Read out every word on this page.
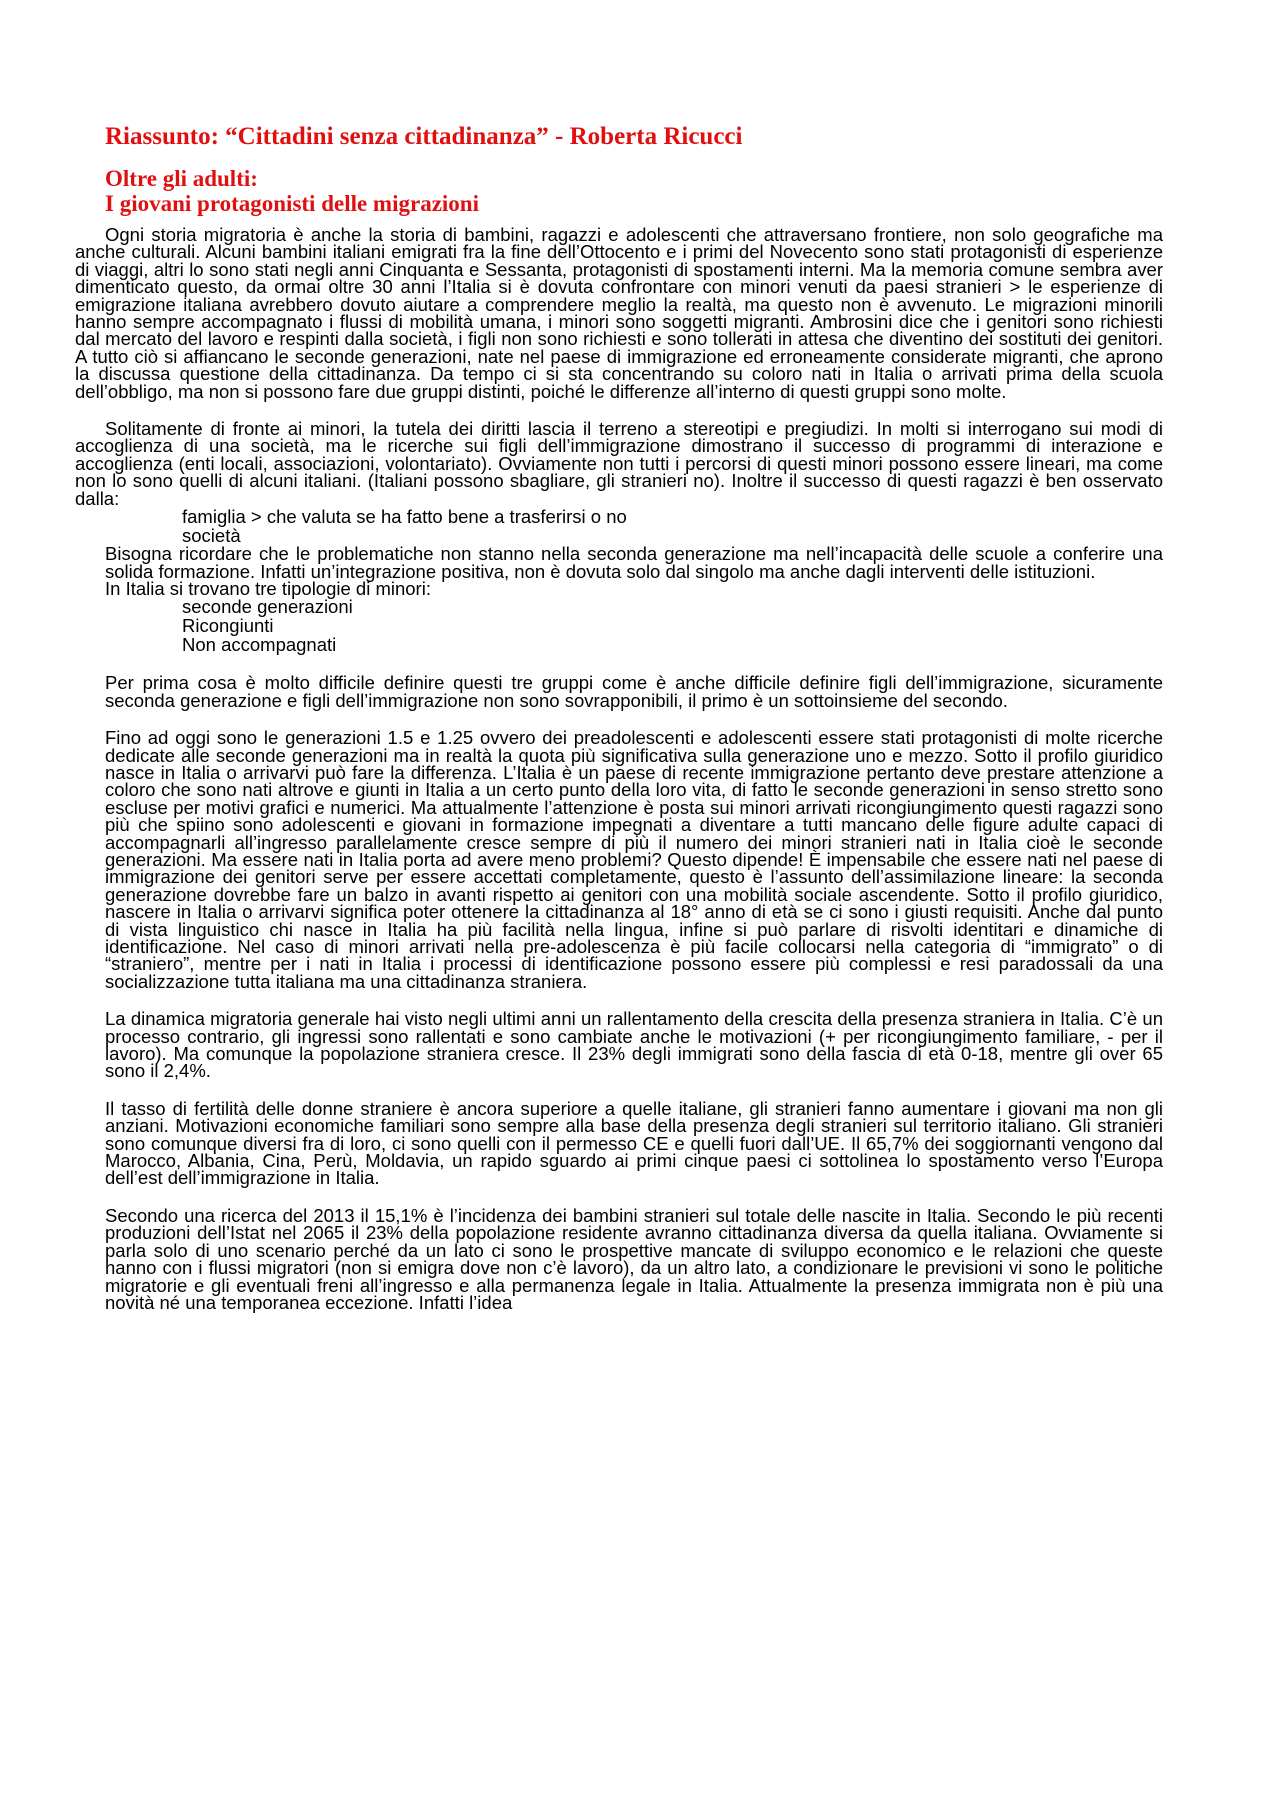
Riassunto: “Cittadini senza cittadinanza” - Roberta Ricucci
Oltre gli adulti:
I giovani protagonisti delle migrazioni

Ogni storia migratoria è anche la storia di bambini, ragazzi e adolescenti che attraversano frontiere, non solo geografiche ma anche culturali. Alcuni bambini italiani emigrati fra la fine dell’Ottocento e i primi del Novecento sono stati protagonisti di esperienze di viaggi, altri lo sono stati negli anni Cinquanta e Sessanta, protagonisti di spostamenti interni. Ma la memoria comune sembra aver dimenticato questo, da ormai oltre 30 anni l’Italia si è dovuta confrontare con minori venuti da paesi stranieri > le esperienze di emigrazione italiana avrebbero dovuto aiutare a comprendere meglio la realtà, ma questo non è avvenuto. Le migrazioni minorili hanno sempre accompagnato i flussi di mobilità umana, i minori sono soggetti migranti. Ambrosini dice che i genitori sono richiesti dal mercato del lavoro e respinti dalla società, i figli non sono richiesti e sono tollerati in attesa che diventino dei sostituti dei genitori. A tutto ciò si affiancano le seconde generazioni, nate nel paese di immigrazione ed erroneamente considerate migranti, che aprono la discussa questione della cittadinanza. Da tempo ci si sta concentrando su coloro nati in Italia o arrivati prima della scuola dell’obbligo, ma non si possono fare due gruppi distinti, poiché le differenze all’interno di questi gruppi sono molte.

Solitamente di fronte ai minori, la tutela dei diritti lascia il terreno a stereotipi e pregiudizi. In molti si interrogano sui modi di accoglienza di una società, ma le ricerche sui figli dell’immigrazione dimostrano il successo di programmi di interazione e accoglienza (enti locali, associazioni, volontariato). Ovviamente non tutti i percorsi di questi minori possono essere lineari, ma come non lo sono quelli di alcuni italiani. (Italiani possono sbagliare, gli stranieri no). Inoltre il successo di questi ragazzi è ben osservato dalla:

famiglia > che valuta se ha fatto bene a trasferirsi o no
società

Bisogna ricordare che le problematiche non stanno nella seconda generazione ma nell’incapacità delle scuole a conferire una solida formazione. Infatti un’integrazione positiva, non è dovuta solo dal singolo ma anche dagli interventi delle istituzioni.

In Italia si trovano tre tipologie di minori:

seconde generazioni
Ricongiunti
Non accompagnati

Per prima cosa è molto difficile definire questi tre gruppi come è anche difficile definire figli dell’immigrazione, sicuramente seconda generazione e figli dell’immigrazione non sono sovrapponibili, il primo è un sottoinsieme del secondo.

Fino ad oggi sono le generazioni 1.5 e 1.25 ovvero dei preadolescenti e adolescenti essere stati protagonisti di molte ricerche dedicate alle seconde generazioni ma in realtà la quota più significativa sulla generazione uno e mezzo. Sotto il profilo giuridico nasce in Italia o arrivarvi può fare la differenza. L’Italia è un paese di recente immigrazione pertanto deve prestare attenzione a coloro che sono nati altrove e giunti in Italia a un certo punto della loro vita, di fatto le seconde generazioni in senso stretto sono escluse per motivi grafici e numerici. Ma attualmente l’attenzione è posta sui minori arrivati ricongiungimento questi ragazzi sono più che spiino sono adolescenti e giovani in formazione impegnati a diventare a tutti mancano delle figure adulte capaci di accompagnarli all’ingresso parallelamente cresce sempre di più il numero dei minori stranieri nati in Italia cioè le seconde generazioni. Ma essere nati in Italia porta ad avere meno problemi? Questo dipende! È impensabile che essere nati nel paese di immigrazione dei genitori serve per essere accettati completamente, questo è l’assunto dell’assimilazione lineare: la seconda generazione dovrebbe fare un balzo in avanti rispetto ai genitori con una mobilità sociale ascendente. Sotto il profilo giuridico, nascere in Italia o arrivarvi significa poter ottenere la cittadinanza al 18° anno di età se ci sono i giusti requisiti. Anche dal punto di vista linguistico chi nasce in Italia ha più facilità nella lingua, infine si può parlare di risvolti identitari e dinamiche di identificazione. Nel caso di minori arrivati nella pre-adolescenza è più facile collocarsi nella categoria di “immigrato” o di “straniero”, mentre per i nati in Italia i processi di identificazione possono essere più complessi e resi paradossali da una socializzazione tutta italiana ma una cittadinanza straniera.

La dinamica migratoria generale hai visto negli ultimi anni un rallentamento della crescita della presenza straniera in Italia. C’è un processo contrario, gli ingressi sono rallentati e sono cambiate anche le motivazioni (+ per ricongiungimento familiare, - per il lavoro). Ma comunque la popolazione straniera cresce. Il 23% degli immigrati sono della fascia di età 0-18, mentre gli over 65 sono il 2,4%.

Il tasso di fertilità delle donne straniere è ancora superiore a quelle italiane, gli stranieri fanno aumentare i giovani ma non gli anziani. Motivazioni economiche familiari sono sempre alla base della presenza degli stranieri sul territorio italiano. Gli stranieri sono comunque diversi fra di loro, ci sono quelli con il permesso CE e quelli fuori dall’UE. Il 65,7% dei soggiornanti vengono dal Marocco, Albania, Cina, Perù, Moldavia, un rapido sguardo ai primi cinque paesi ci sottolinea lo spostamento verso l’Europa dell’est dell’immigrazione in Italia.

Secondo una ricerca del 2013 il 15,1% è l’incidenza dei bambini stranieri sul totale delle nascite in Italia. Secondo le più recenti produzioni dell’Istat nel 2065 il 23% della popolazione residente avranno cittadinanza diversa da quella italiana. Ovviamente si parla solo di uno scenario perché da un lato ci sono le prospettive mancate di sviluppo economico e le relazioni che queste hanno con i flussi migratori (non si emigra dove non c’è lavoro), da un altro lato, a condizionare le previsioni vi sono le politiche migratorie e gli eventuali freni all’ingresso e alla permanenza legale in Italia. Attualmente la presenza immigrata non è più una novità né una temporanea eccezione. Infatti l’idea
